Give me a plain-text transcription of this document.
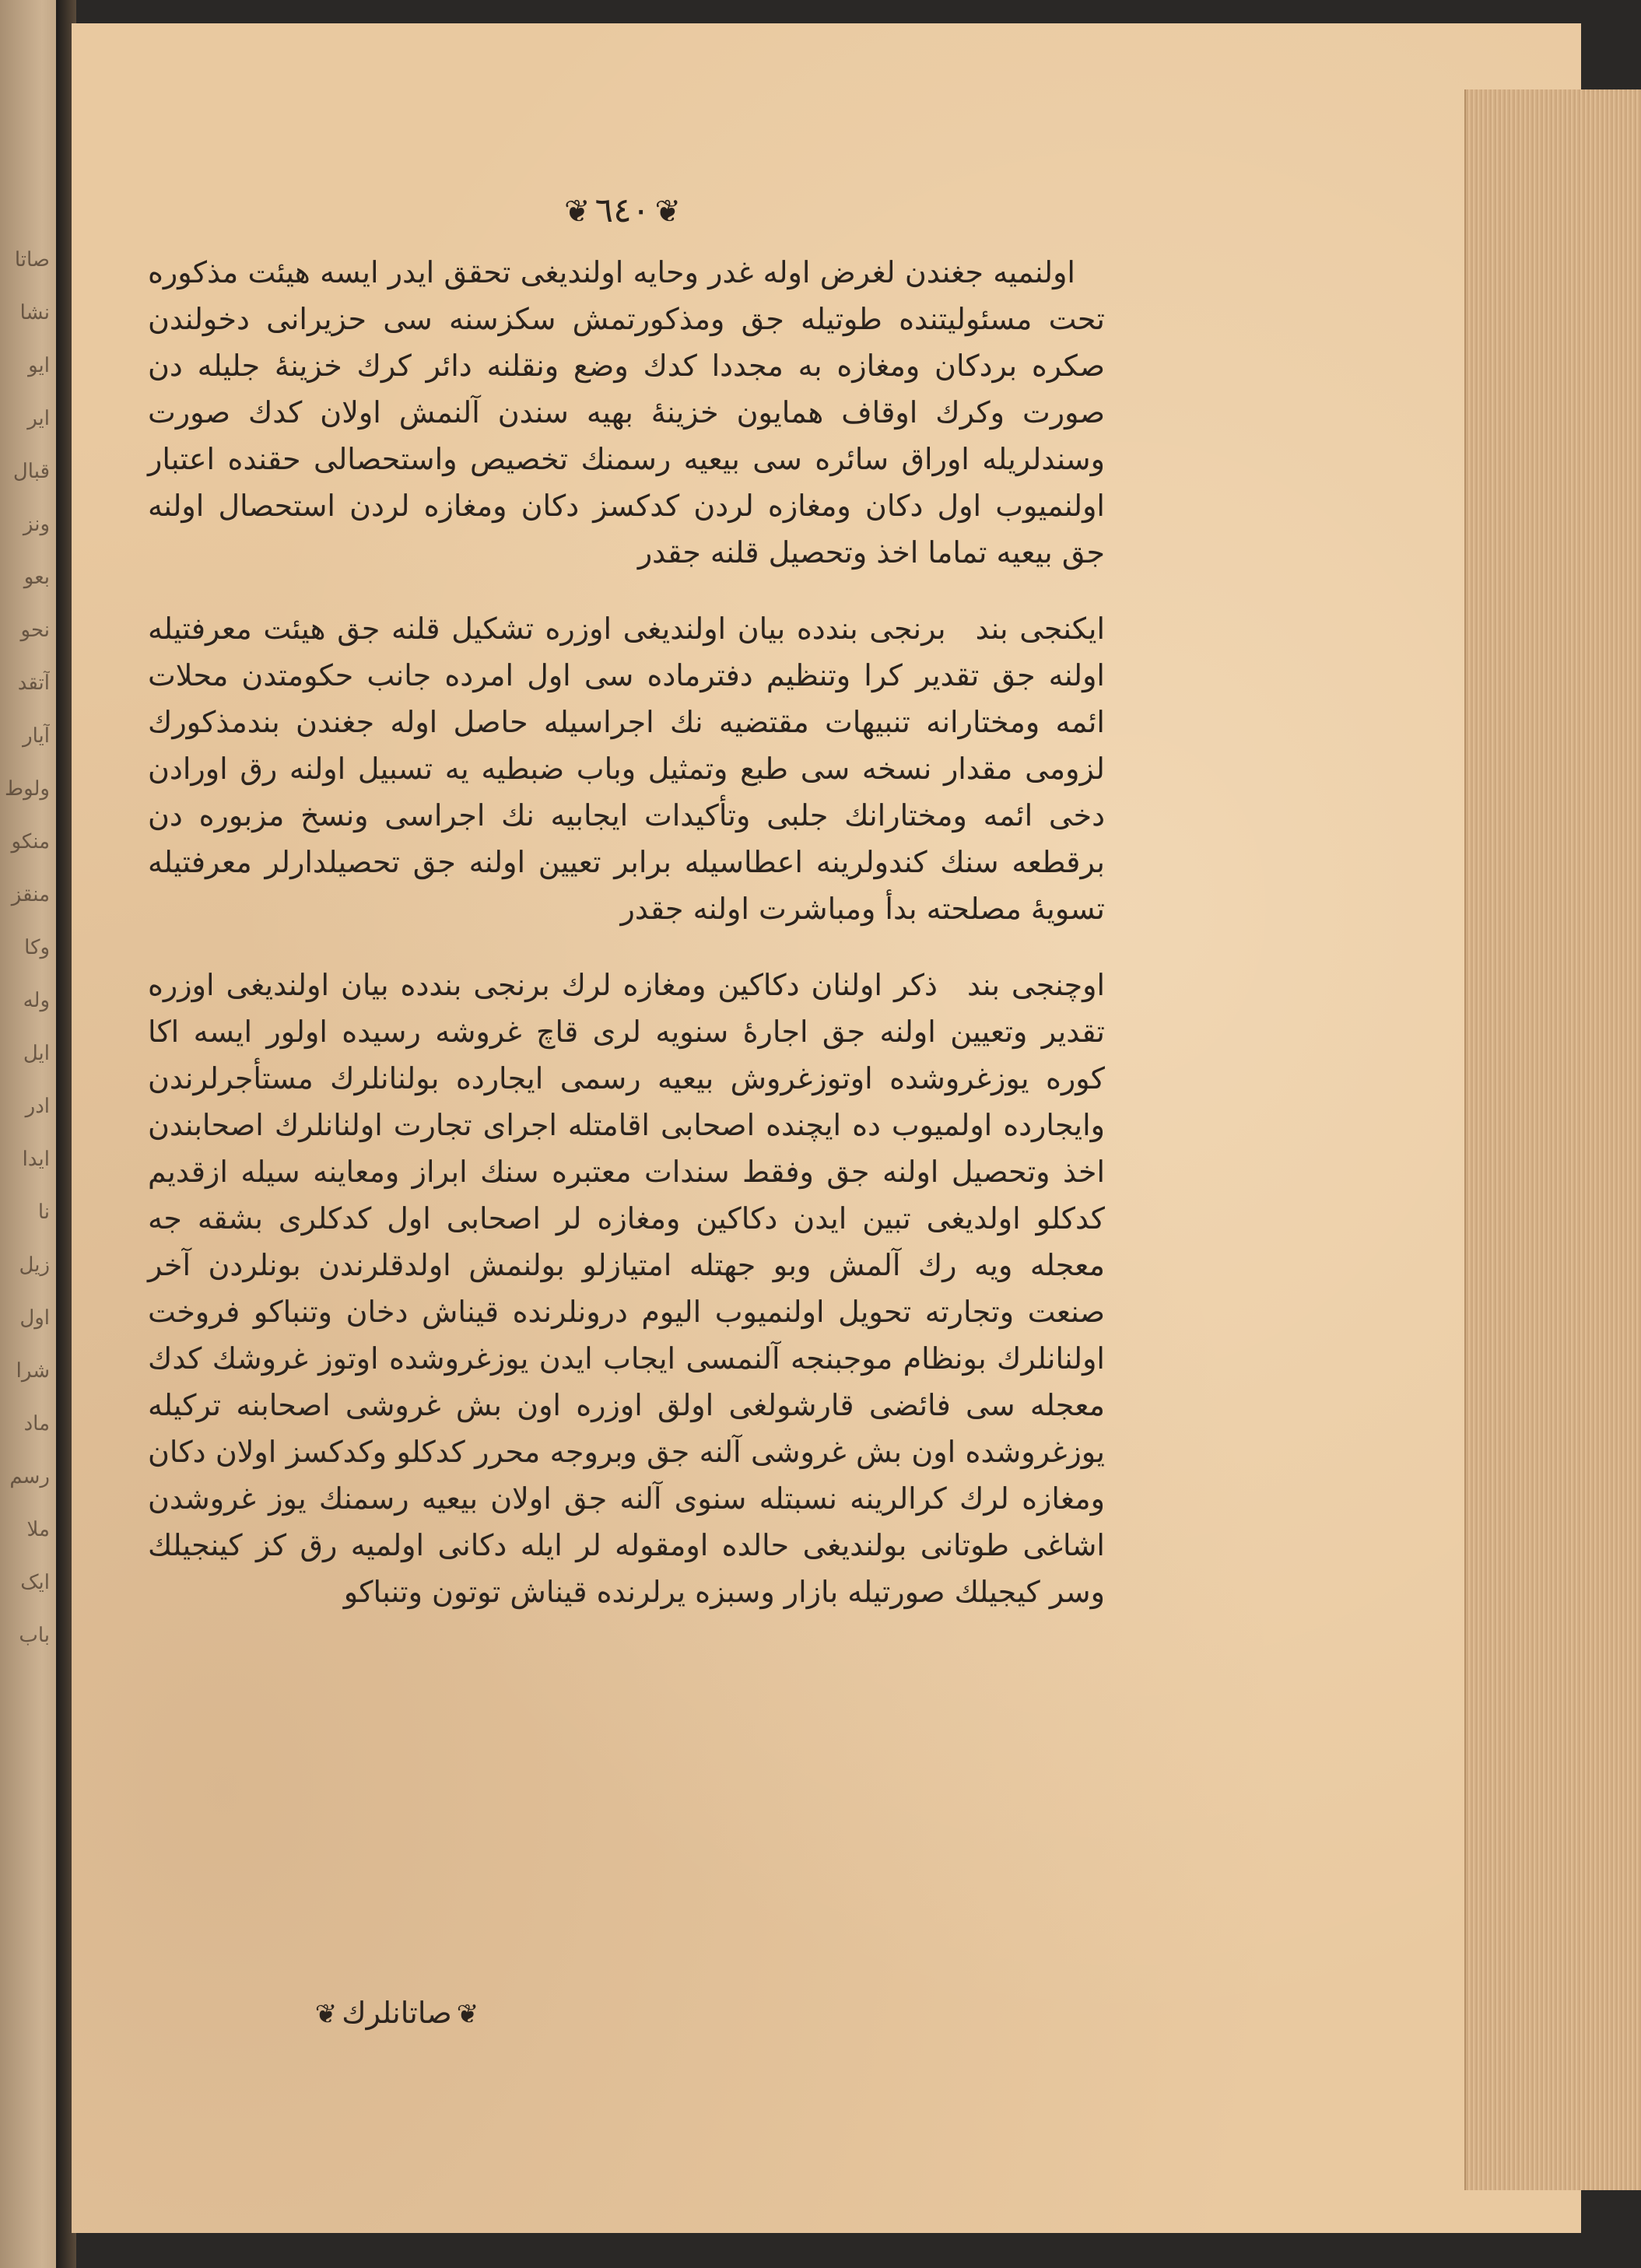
صاتا
نشا
ایو
ایر
قبال
ونز
بعو
نحو
آتقد
آیار
ولوط
منکو
منقز
وکا
وله
ایل
ادر
ایدا
نا
زیل
اول
شرا
ماد
رسم
ملا
ایک
باب
❦٦٤٠❦

اولنمیه جغندن لغرض اوله غدر وحایه اولندیغی تحقق ایدر ایسه هیئت مذکوره تحت مسئولیتنده طوتیله جق ومذکورتمش سکزسنه سی حزیرانی دخولندن صکره بردکان ومغازه به مجددا کدك وضع ونقلنه دائر کرك خزینهٔ جلیله دن صورت وکرك اوقاف همایون خزینهٔ بهیه سندن آلنمش اولان کدك صورت وسندلریله اوراق سائره سی بیعیه رسمنك تخصیص واستحصالی حقنده اعتبار اولنمیوب اول دکان ومغازه لردن کدکسز دکان ومغازه لردن استحصال اولنه جق بیعیه تماما اخذ وتحصیل قلنه جقدر

ایکنجی بندبرنجی بندده بیان اولندیغی اوزره تشکیل قلنه جق هیئت معرفتیله اولنه جق تقدیر کرا وتنظیم دفترماده سی اول امرده جانب حکومتدن محلات ائمه ومختارانه تنبیهات مقتضیه نك اجراسیله حاصل اوله جغندن بندمذکورك لزومی مقدار نسخه سی طبع وتمثیل وباب ضبطیه یه تسبیل اولنه رق اورادن دخی ائمه ومختارانك جلبی وتأکیدات ایجابیه نك اجراسی ونسخ مزبوره دن برقطعه سنك کندولرینه اعطاسیله برابر تعیین اولنه جق تحصیلدارلر معرفتیله تسویهٔ مصلحته بدأ ومباشرت اولنه جقدر

اوچنجی بندذکر اولنان دکاکین ومغازه لرك برنجی بندده بیان اولندیغی اوزره تقدیر وتعیین اولنه جق اجارهٔ سنویه لری قاچ غروشه رسیده اولور ایسه اکا کوره یوزغروشده اوتوزغروش بیعیه رسمی ایجارده بولنانلرك مستأجرلرندن وایجارده اولمیوب ده ایچنده اصحابی اقامتله اجرای تجارت اولنانلرك اصحابندن اخذ وتحصیل اولنه جق وفقط سندات معتبره سنك ابراز ومعاینه سیله ازقدیم کدکلو اولدیغی تبین ایدن دکاکین ومغازه لر اصحابی اول کدکلری بشقه جه معجله ویه رك آلمش وبو جهتله امتیازلو بولنمش اولدقلرندن بونلردن آخر صنعت وتجارته تحویل اولنمیوب الیوم درونلرنده قیناش دخان وتنباکو فروخت اولنانلرك بونظام موجبنجه آلنمسی ایجاب ایدن یوزغروشده اوتوز غروشك کدك معجله سی فائضی قارشولغی اولق اوزره اون بش غروشی اصحابنه ترکیله یوزغروشده اون بش غروشی آلنه جق وبروجه محرر کدکلو وکدکسز اولان دکان ومغازه لرك کرالرینه نسبتله سنوی آلنه جق اولان بیعیه رسمنك یوز غروشدن اشاغی طوتانی بولندیغی حالده اومقوله لر ایله دکانی اولمیه رق کز کینجیلك وسر کیجیلك صورتیله بازار وسبزه یرلرنده قیناش توتون وتنباکو

❦صاتانلرك❦
